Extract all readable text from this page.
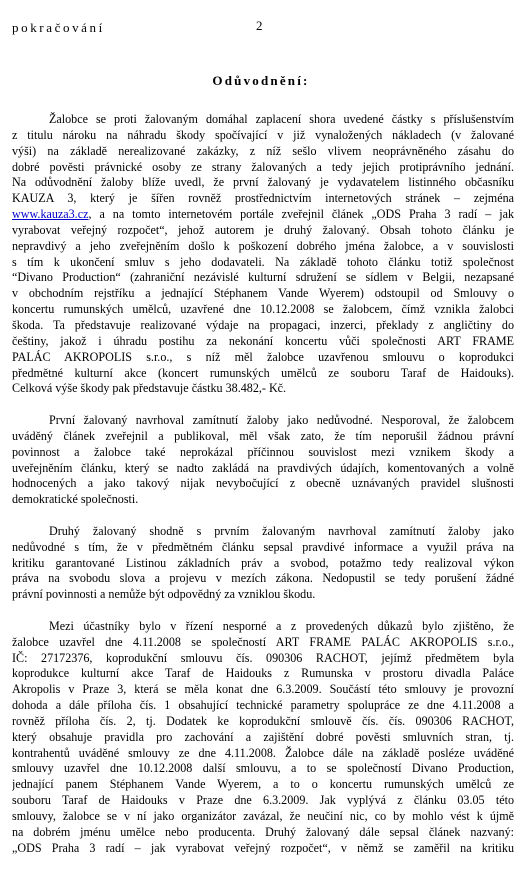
pokračování	2
Odůvodnění:
Žalobce se proti žalovaným domáhal zaplacení shora uvedené částky s příslušenstvím
z titulu nároku na náhradu škody spočívající v již vynaložených nákladech (v žalované
výši) na základě nerealizované zakázky, z níž sešlo vlivem neoprávněného zásahu do
dobré pověsti právnické osoby ze strany žalovaných a tedy jejich protiprávního jednání.
Na odůvodnění žaloby blíže uvedl, že první žalovaný je vydavatelem listinného občasníku
KAUZA 3, který je šířen rovněž prostřednictvím internetových stránek – zejména
www.kauza3.cz, a na tomto internetovém portále zveřejnil článek „ODS Praha 3 radí – jak
vyrabovat veřejný rozpočet“, jehož autorem je druhý žalovaný. Obsah tohoto článku je
nepravdivý a jeho zveřejněním došlo k poškození dobrého jména žalobce, a v souvislosti
s tím k ukončení smluv s jeho dodavateli. Na základě tohoto článku totiž společnost
“Divano Production“ (zahraniční nezávislé kulturní sdružení se sídlem v Belgii, nezapsané
v obchodním rejstříku a jednající Stéphanem Vande Wyerem) odstoupil od Smlouvy o
koncertu rumunských umělců, uzavřené dne 10.12.2008 se žalobcem, čímž vznikla žalobci
škoda. Ta představuje realizované výdaje na propagaci, inzerci, překlady z angličtiny do
češtiny, jakož i úhradu postihu za nekonání koncertu vůči společnosti ART FRAME
PALÁC AKROPOLIS s.r.o., s níž měl žalobce uzavřenou smlouvu o koprodukci
předmětné kulturní akce (koncert rumunských umělců ze souboru Taraf de Haidouks).
Celková výše škody pak představuje částku 38.482,- Kč.
První žalovaný navrhoval zamítnutí žaloby jako nedůvodné. Nesporoval, že žalobcem
uváděný článek zveřejnil a publikoval, měl však zato, že tím neporušil žádnou právní
povinnost a žalobce také neprokázal příčinnou souvislost mezi vznikem škody a
uveřejněním článku, který se nadto zakládá na pravdivých údajích, komentovaných a volně
hodnocených a jako takový nijak nevybočující z obecně uznávaných pravidel slušnosti
demokratické společnosti.
Druhý žalovaný shodně s prvním žalovaným navrhoval zamítnutí žaloby jako
nedůvodné s tím, že v předmětném článku sepsal pravdivé informace a využil práva na
kritiku garantované Listinou základních práv a svobod, potažmo tedy realizoval výkon
práva na svobodu slova a projevu v mezích zákona. Nedopustil se tedy porušení žádné
právní povinnosti a nemůže být odpovědný za vzniklou škodu.
Mezi účastníky bylo v řízení nesporné a z provedených důkazů bylo zjištěno, že
žalobce uzavřel dne 4.11.2008 se společností ART FRAME PALÁC AKROPOLIS s.r.o.,
IČ: 27172376, koprodukční smlouvu čís. 090306 RACHOT, jejímž předmětem byla
koprodukce kulturní akce Taraf de Haidouks z Rumunska v prostoru divadla Paláce
Akropolis v Praze 3, která se měla konat dne 6.3.2009. Součástí této smlouvy je provozní
dohoda a dále příloha čís. 1 obsahující technické parametry spolupráce ze dne 4.11.2008 a
rovněž příloha čís. 2, tj. Dodatek ke koprodukční smlouvě čís. čís. 090306 RACHOT,
který obsahuje pravidla pro zachování a zajištění dobré pověsti smluvních stran, tj.
kontrahentů uváděné smlouvy ze dne 4.11.2008. Žalobce dále na základě posléze uváděné
smlouvy uzavřel dne 10.12.2008 další smlouvu, a to se společností Divano Production,
jednající panem Stéphanem Vande Wyerem, a to o koncertu rumunských umělců ze
souboru Taraf de Haidouks v Praze dne 6.3.2009. Jak vyplývá z článku 03.05 této
smlouvy, žalobce se v ní jako organizátor zavázal, že neučiní nic, co by mohlo vést k újmě
na dobrém jménu umělce nebo producenta. Druhý žalovaný dále sepsal článek nazvaný:
„ODS Praha 3 radí – jak vyrabovat veřejný rozpočet“, v němž se zaměřil na kritiku
